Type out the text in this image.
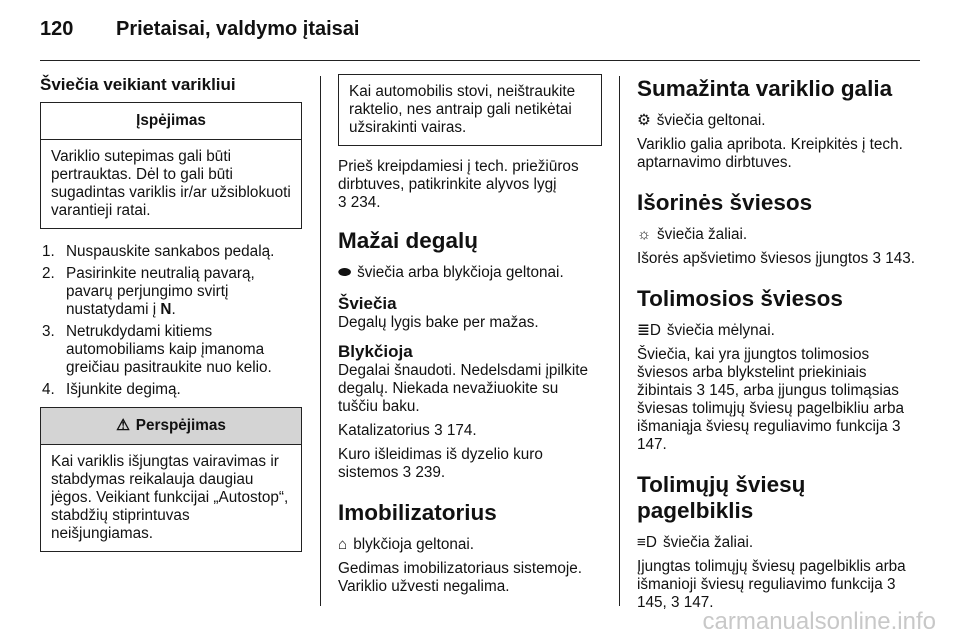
120 Prietaisai, valdymo įtaisai
Šviečia veikiant varikliui
Įspėjimas
Variklio sutepimas gali būti pertrauktas. Dėl to gali būti sugadintas variklis ir/ar užsiblokuoti varantieji ratai.
1. Nuspauskite sankabos pedalą.
2. Pasirinkite neutralią pavarą, pavarų perjungimo svirtį nustatydami į N.
3. Netrukdydami kitiems automobiliams kaip įmanoma greičiau pasitraukite nuo kelio.
4. Išjunkite degimą.
⚠ Perspėjimas
Kai variklis išjungtas vairavimas ir stabdymas reikalauja daugiau jėgos. Veikiant funkcijai „Autostop“, stabdžių stiprintuvas neišjungiamas.
Kai automobilis stovi, neištraukite raktelio, nes antraip gali netikėtai užsirakinti vairas.

Prieš kreipdamiesi į tech. priežiūros dirbtuves, patikrinkite alyvos lygį
3 234.

Mažai degalų

⬬ šviečia arba blykčioja geltonai.

Šviečia

Degalų lygis bake per mažas.

Blykčioja

Degalai šnaudoti. Nedelsdami įpilkite degalų. Niekada nevažiuokite su tuščiu baku.

Katalizatorius 3 174.

Kuro išleidimas iš dyzelio kuro sistemos 3 239.

Imobilizatorius

⌂ blykčioja geltonai.

Gedimas imobilizatoriaus sistemoje. Variklio užvesti negalima.

Sumažinta variklio galia

⚙ šviečia geltonai.

Variklio galia apribota. Kreipkitės į tech. aptarnavimo dirbtuves.

Išorinės šviesos

☼ šviečia žaliai.

Išorės apšvietimo šviesos įjungtos 3 143.

Tolimosios šviesos

≣D šviečia mėlynai.

Šviečia, kai yra įjungtos tolimosios šviesos arba blykstelint priekiniais žibintais 3 145, arba įjungus tolimąsias šviesas tolimųjų šviesų pagelbikliu arba išmaniąja šviesų reguliavimo funkcija 3 147.

Tolimųjų šviesų pagelbiklis

≡D šviečia žaliai.

Įjungtas tolimųjų šviesų pagelbiklis arba išmanioji šviesų reguliavimo funkcija 3 145, 3 147.

carmanualsonline.info
